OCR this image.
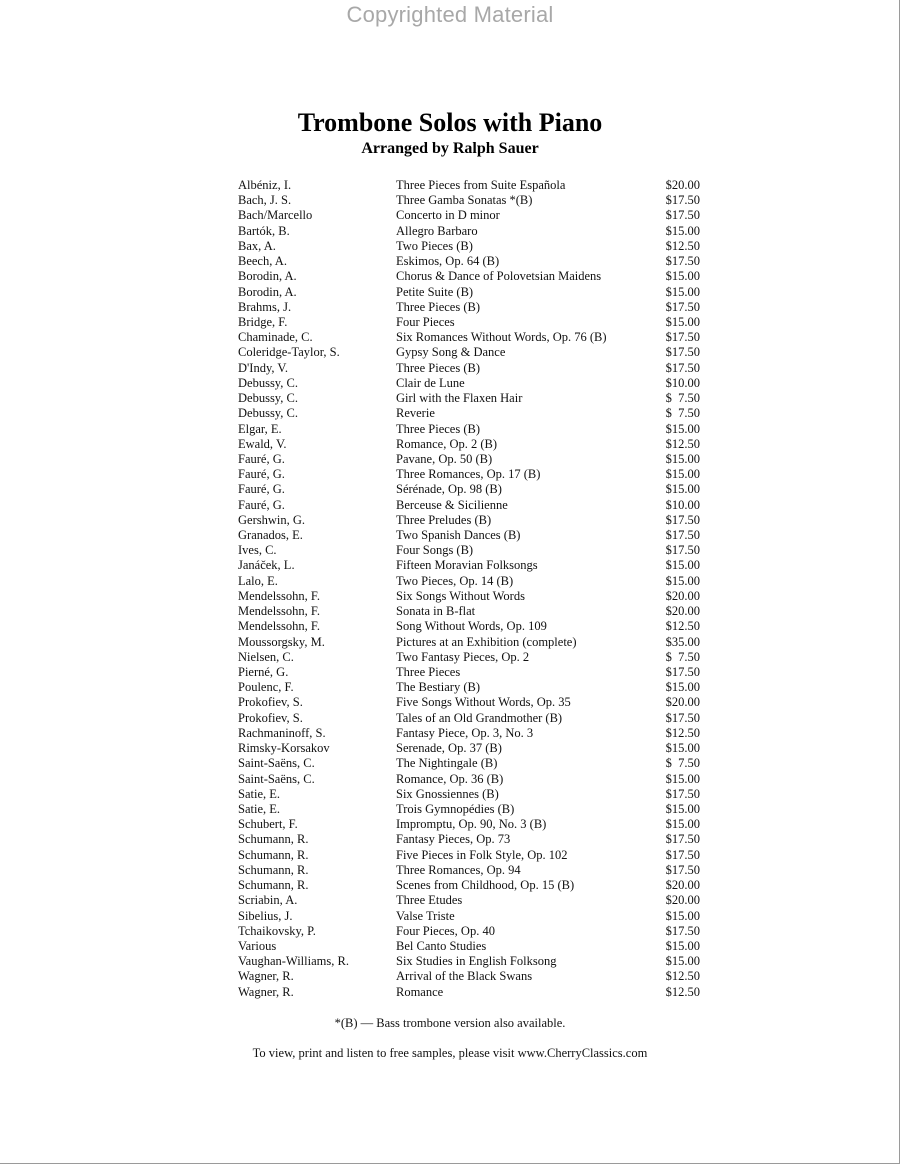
Copyrighted Material
Trombone Solos with Piano
Arranged by Ralph Sauer
Albéniz, I.	Three Pieces from Suite Española	$20.00
Bach, J. S.	Three Gamba Sonatas *(B)	$17.50
Bach/Marcello	Concerto in D minor	$17.50
Bartók, B.	Allegro Barbaro	$15.00
Bax, A.	Two Pieces (B)	$12.50
Beech, A.	Eskimos, Op. 64 (B)	$17.50
Borodin, A.	Chorus & Dance of Polovetsian Maidens	$15.00
Borodin, A.	Petite Suite (B)	$15.00
Brahms, J.	Three Pieces (B)	$17.50
Bridge, F.	Four Pieces	$15.00
Chaminade, C.	Six Romances Without Words, Op. 76 (B)	$17.50
Coleridge-Taylor, S.	Gypsy Song & Dance	$17.50
D'Indy, V.	Three Pieces (B)	$17.50
Debussy, C.	Clair de Lune	$10.00
Debussy, C.	Girl with the Flaxen Hair	$  7.50
Debussy, C.	Reverie	$  7.50
Elgar, E.	Three Pieces (B)	$15.00
Ewald, V.	Romance, Op. 2 (B)	$12.50
Fauré, G.	Pavane, Op. 50 (B)	$15.00
Fauré, G.	Three Romances, Op. 17 (B)	$15.00
Fauré, G.	Sérénade, Op. 98 (B)	$15.00
Fauré, G.	Berceuse & Sicilienne	$10.00
Gershwin, G.	Three Preludes (B)	$17.50
Granados, E.	Two Spanish Dances (B)	$17.50
Ives, C.	Four Songs (B)	$17.50
Janáček, L.	Fifteen Moravian Folksongs	$15.00
Lalo, E.	Two Pieces, Op. 14 (B)	$15.00
Mendelssohn, F.	Six Songs Without Words	$20.00
Mendelssohn, F.	Sonata in B-flat	$20.00
Mendelssohn, F.	Song Without Words, Op. 109	$12.50
Moussorgsky, M.	Pictures at an Exhibition (complete)	$35.00
Nielsen, C.	Two Fantasy Pieces, Op. 2	$  7.50
Pierné, G.	Three Pieces	$17.50
Poulenc, F.	The Bestiary (B)	$15.00
Prokofiev, S.	Five Songs Without Words, Op. 35	$20.00
Prokofiev, S.	Tales of an Old Grandmother (B)	$17.50
Rachmaninoff, S.	Fantasy Piece, Op. 3, No. 3	$12.50
Rimsky-Korsakov	Serenade, Op. 37 (B)	$15.00
Saint-Saëns, C.	The Nightingale (B)	$  7.50
Saint-Saëns, C.	Romance, Op. 36 (B)	$15.00
Satie, E.	Six Gnossiennes (B)	$17.50
Satie, E.	Trois Gymnopédies (B)	$15.00
Schubert, F.	Impromptu, Op. 90, No. 3 (B)	$15.00
Schumann, R.	Fantasy Pieces, Op. 73	$17.50
Schumann, R.	Five Pieces in Folk Style, Op. 102	$17.50
Schumann, R.	Three Romances, Op. 94	$17.50
Schumann, R.	Scenes from Childhood, Op. 15 (B)	$20.00
Scriabin, A.	Three Etudes	$20.00
Sibelius, J.	Valse Triste	$15.00
Tchaikovsky, P.	Four Pieces, Op. 40	$17.50
Various	Bel Canto Studies	$15.00
Vaughan-Williams, R.	Six Studies in English Folksong	$15.00
Wagner, R.	Arrival of the Black Swans	$12.50
Wagner, R.	Romance	$12.50
*(B) — Bass trombone version also available.
To view, print and listen to free samples, please visit www.CherryClassics.com
